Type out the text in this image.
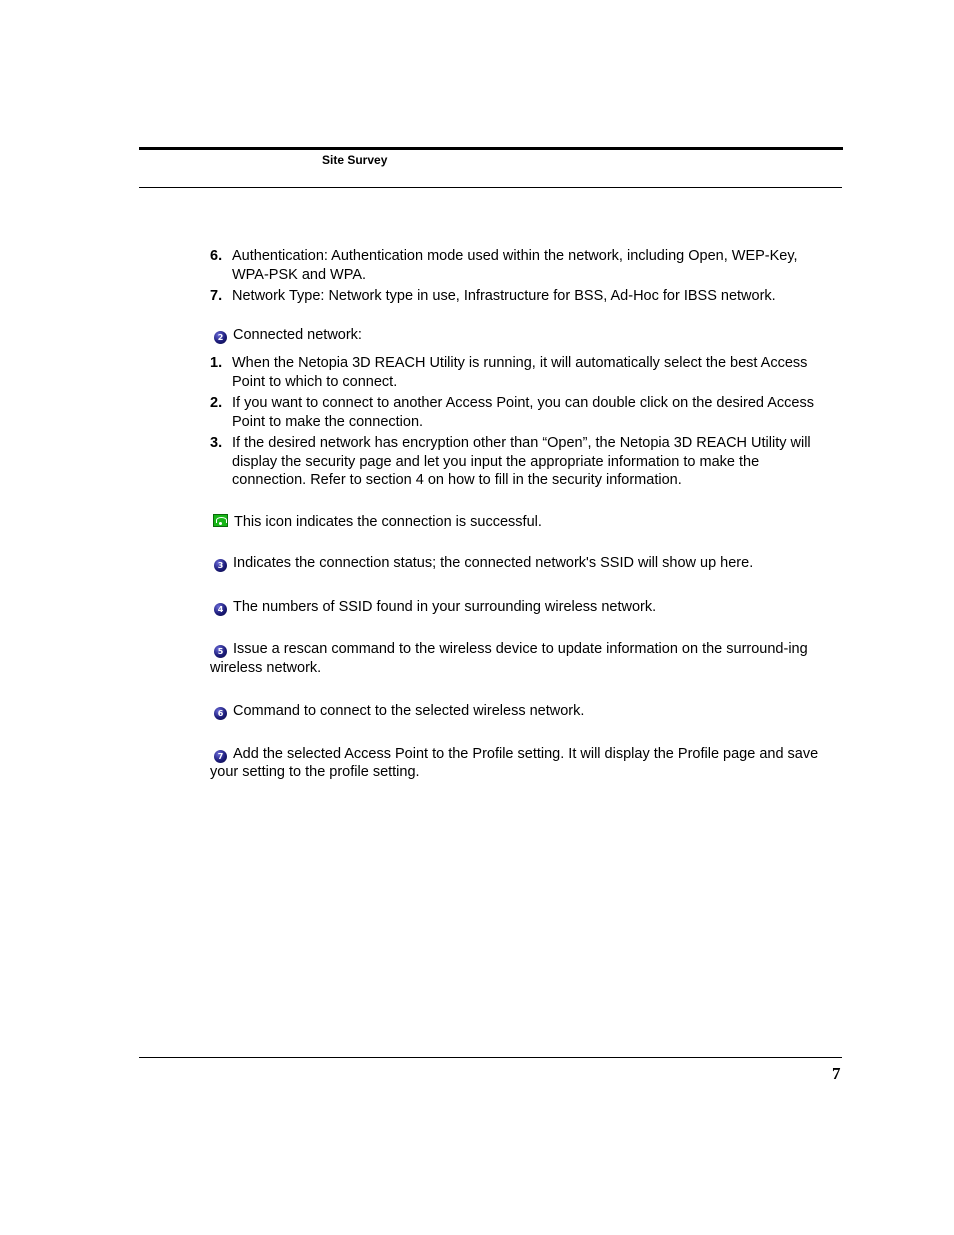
Site Survey
6. Authentication: Authentication mode used within the network, including Open, WEP-Key, WPA-PSK and WPA.
7. Network Type: Network type in use, Infrastructure for BSS, Ad-Hoc for IBSS network.

2 Connected network:

1. When the Netopia 3D REACH Utility is running, it will automatically select the best Access Point to which to connect.
2. If you want to connect to another Access Point, you can double click on the desired Access Point to make the connection.
3. If the desired network has encryption other than “Open”, the Netopia 3D REACH Utility will display the security page and let you input the appropriate information to make the connection. Refer to section 4 on how to fill in the security information.

This icon indicates the connection is successful.

3 Indicates the connection status; the connected network's SSID will show up here.

4 The numbers of SSID found in your surrounding wireless network.

5 Issue a rescan command to the wireless device to update information on the surround-ing wireless network.

6 Command to connect to the selected wireless network.

7 Add the selected Access Point to the Profile setting. It will display the Profile page and save your setting to the profile setting.

7
